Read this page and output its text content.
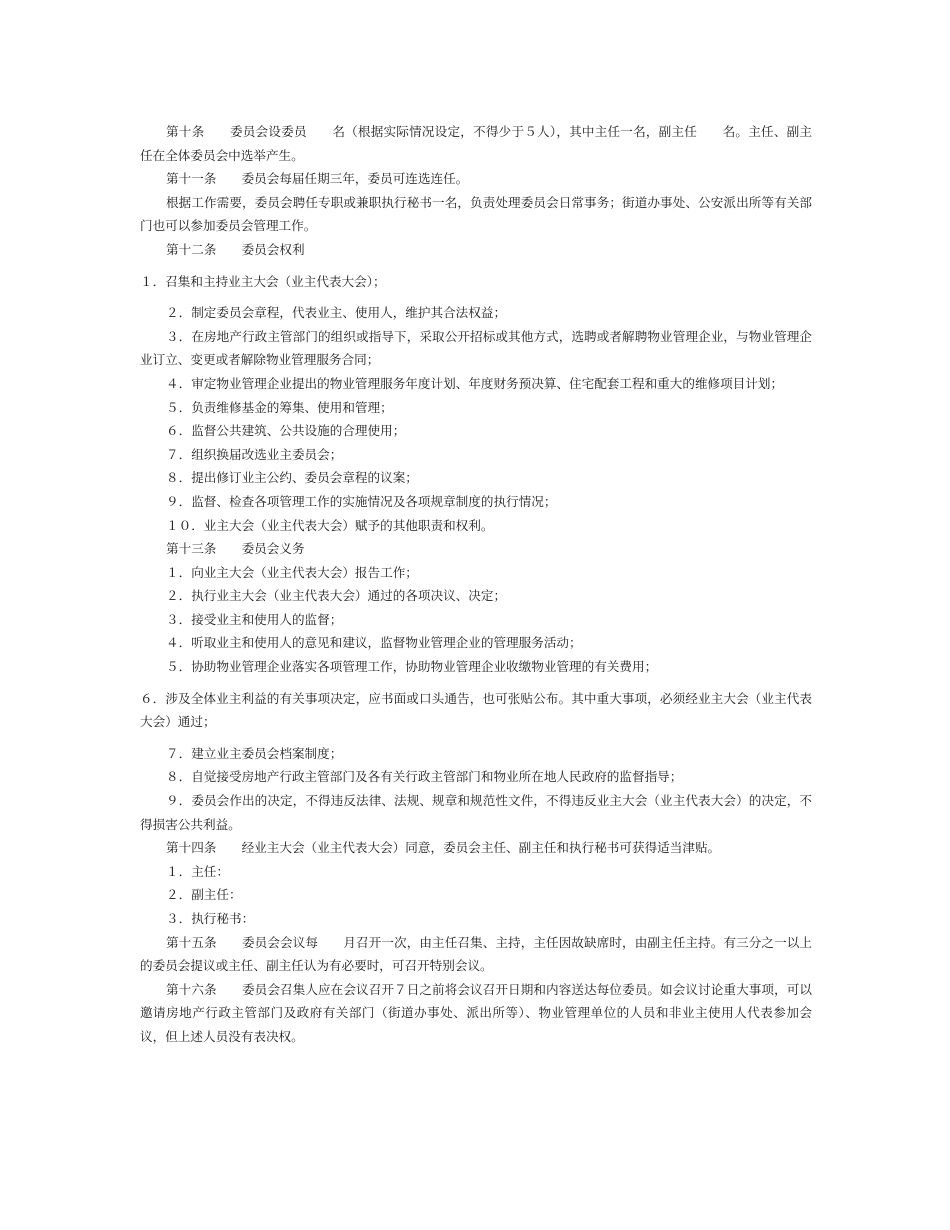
第十条　　委员会设委员　　名（根据实际情况设定，不得少于５人），其中主任一名，副主任　　名。主任、副主任在全体委员会中选举产生。

第十一条　　委员会每届任期三年，委员可连选连任。

根据工作需要，委员会聘任专职或兼职执行秘书一名，负责处理委员会日常事务；街道办事处、公安派出所等有关部门也可以参加委员会管理工作。

第十二条　　委员会权利

１．召集和主持业主大会（业主代表大会）；

２．制定委员会章程，代表业主、使用人，维护其合法权益；

３．在房地产行政主管部门的组织或指导下，采取公开招标或其他方式，选聘或者解聘物业管理企业，与物业管理企业订立、变更或者解除物业管理服务合同；

４．审定物业管理企业提出的物业管理服务年度计划、年度财务预决算、住宅配套工程和重大的维修项目计划；

５．负责维修基金的筹集、使用和管理；

６．监督公共建筑、公共设施的合理使用；

７．组织换届改选业主委员会；

８．提出修订业主公约、委员会章程的议案；

９．监督、检查各项管理工作的实施情况及各项规章制度的执行情况；

１０．业主大会（业主代表大会）赋予的其他职责和权利。

第十三条　　委员会义务

１．向业主大会（业主代表大会）报告工作；

２．执行业主大会（业主代表大会）通过的各项决议、决定；

３．接受业主和使用人的监督；

４．听取业主和使用人的意见和建议，监督物业管理企业的管理服务活动；

５．协助物业管理企业落实各项管理工作，协助物业管理企业收缴物业管理的有关费用；

６．涉及全体业主利益的有关事项决定，应书面或口头通告，也可张贴公布。其中重大事项，必须经业主大会（业主代表大会）通过；

７．建立业主委员会档案制度；

８．自觉接受房地产行政主管部门及各有关行政主管部门和物业所在地人民政府的监督指导；

９．委员会作出的决定，不得违反法律、法规、规章和规范性文件，不得违反业主大会（业主代表大会）的决定，不得损害公共利益。

第十四条　　经业主大会（业主代表大会）同意，委员会主任、副主任和执行秘书可获得适当津贴。

１．主任：

２．副主任：

３．执行秘书：

第十五条　　委员会会议每　　月召开一次，由主任召集、主持，主任因故缺席时，由副主任主持。有三分之一以上的委员会提议或主任、副主任认为有必要时，可召开特别会议。

第十六条　　委员会召集人应在会议召开７日之前将会议召开日期和内容送达每位委员。如会议讨论重大事项，可以邀请房地产行政主管部门及政府有关部门（街道办事处、派出所等）、物业管理单位的人员和非业主使用人代表参加会议，但上述人员没有表决权。
